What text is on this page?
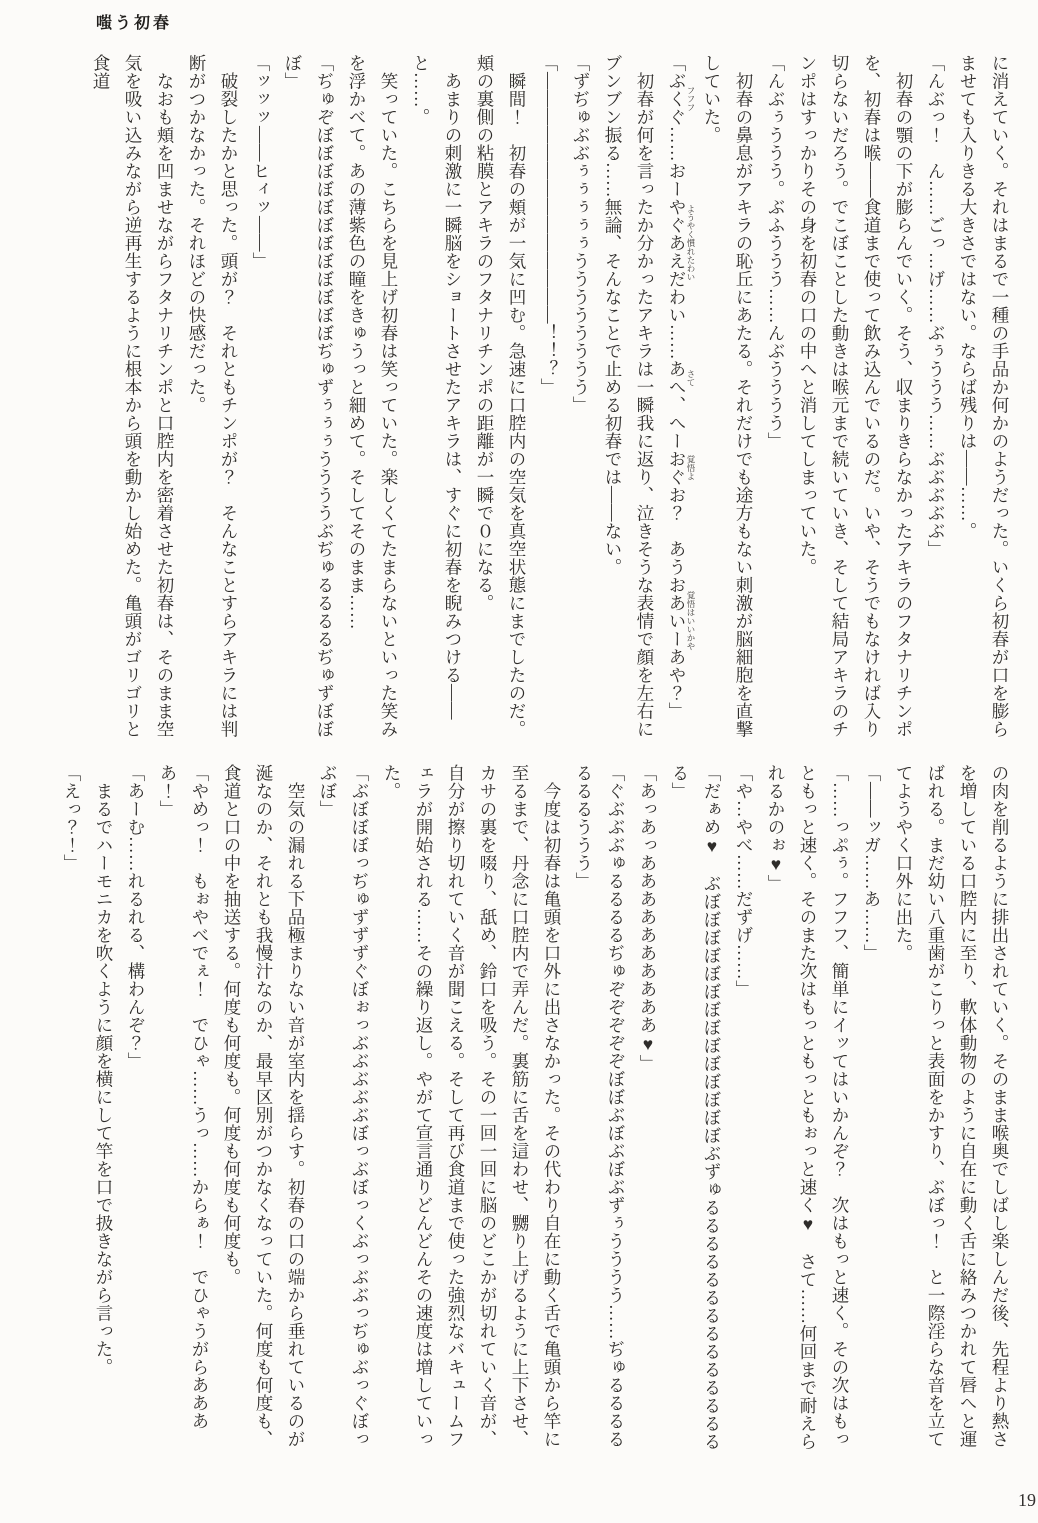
嗤う初春

に消えていく。それはまるで一種の手品か何かのようだった。いくら初春が口を膨らませても入りきる大きさではない。ならば残りは――……。

「んぶっ！　ん……ごっ…げ……ぶぅううう……ぶぶぶぶぶ」

初春の顎の下が膨らんでいく。そう、収まりきらなかったアキラのフタナリチンポを、初春は喉――食道まで使って飲み込んでいるのだ。いや、そうでもなければ入り切らないだろう。でこぼことした動きは喉元まで続いていき、そして結局アキラのチンポはすっかりその身を初春の口の中へと消してしまっていた。

「んぶぅううう。ぶふううう……んぶうううう」

初春の鼻息がアキラの恥丘にあたる。それだけでも途方もない刺激が脳細胞を直撃していた。

「ぶくぐ フフフ……おーやぐあえだわい ようやく慣れたわい……あへ さて、へーおぐお？ 覚悟よ　あうおあいーあや？ 覚悟はいいかや」

初春が何を言ったか分かったアキラは一瞬我に返り、泣きそうな表情で顔を左右にブンブン振る……無論、そんなことで止める初春では――ない。

「ずぢゅぶぶぅぅぅぅぅうううううううう」

「――――――――――――――！！？」

瞬間！　初春の頬が一気に凹む。急速に口腔内の空気を真空状態にまでしたのだ。頬の裏側の粘膜とアキラのフタナリチンポの距離が一瞬で０になる。

あまりの刺激に一瞬脳をショートさせたアキラは、すぐに初春を睨みつける――と……。

笑っていた。こちらを見上げ初春は笑っていた。楽しくてたまらないといった笑みを浮かべて。あの薄紫色の瞳をきゅうっと細めて。そしてそのまま……

「ぢゅぞぼぼぼぼぼぼぼぼぼぼぼぼぢゅずぅぅぅううううぶぢゅるるるるぢゅずぼぼぼ」

「ッッッ――ヒィッ――」

破裂したかと思った。頭が？　それともチンポが？　そんなことすらアキラには判断がつかなかった。それほどの快感だった。

なおも頬を凹ませながらフタナリチンポと口腔内を密着させた初春は、そのまま空気を吸い込みながら逆再生するように根本から頭を動かし始めた。亀頭がゴリゴリと食道

の肉を削るように排出されていく。そのまま喉奥でしばし楽しんだ後、先程より熱さを増している口腔内に至り、軟体動物のように自在に動く舌に絡みつかれて唇へと運ばれる。まだ幼い八重歯がこりっと表面をかすり、ぶぼっ！　と一際淫らな音を立ててようやく口外に出た。

「――ッガ……あ……」

「……っぷぅ。フフフ、簡単にイッてはいかんぞ？　次はもっと速く。その次はもっともっと速く。そのまた次はもっともっともぉっと速く♥　さて……何回まで耐えられるかのぉ♥」

「や…やべ……だずげ……」

「だぁめ♥　ぶぼぼぼぼぼぼぼぼぼぼぼぼぼぼぶずゅるるるるるるるるるるるるるるる」

「あっあっああああああああああ♥」

「ぐぶぶぶゅるるるるぢゅぞぞぞぞぞぼぼぶぼぶぼぶずぅうううう……ぢゅるるるるるるるううう」

今度は初春は亀頭を口外に出さなかった。その代わり自在に動く舌で亀頭から竿に至るまで、丹念に口腔内で弄んだ。裏筋に舌を這わせ、嬲り上げるように上下させ、カサの裏を啜り、舐め、鈴口を吸う。その一回一回に脳のどこかが切れていく音が、自分が擦り切れていく音が聞こえる。そして再び食道まで使った強烈なバキュームフェラが開始される……その繰り返し。やがて宣言通りどんどんその速度は増していった。

「ぶぼぼぼっぢゅずずずぐぼぉっぶぶぶぶぶぼっぶぼっくぶっぶぶっぢゅぶっぐぼっぶぼ」

空気の漏れる下品極まりない音が室内を揺らす。初春の口の端から垂れているのが涎なのか、それとも我慢汁なのか、最早区別がつかなくなっていた。何度も何度も、食道と口の中を抽送する。何度も何度も。何度も何度も何度も。

「やめっ！　もぉやべでぇ！　でひゃ……うっ……からぁ！　でひゃうがらああああ！」

「あーむ……れるれる、構わんぞ？」

まるでハーモニカを吹くように顔を横にして竿を口で扱きながら言った。

「えっ？！」

19
